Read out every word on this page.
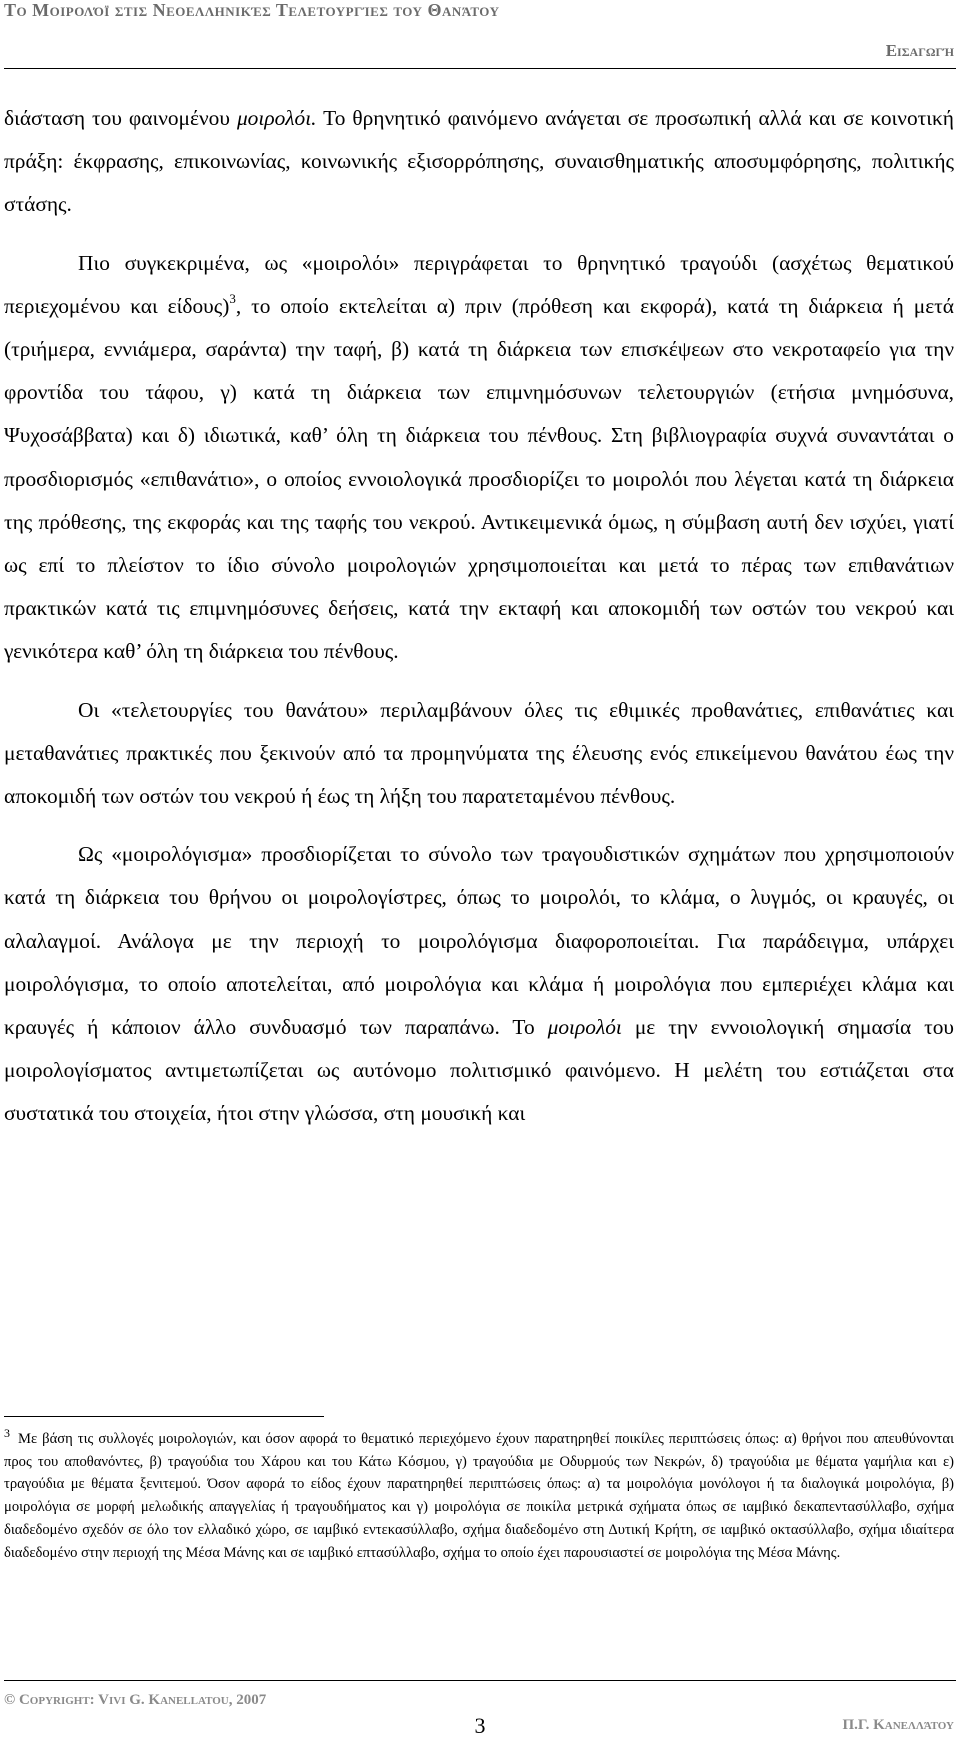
Το Μοιρολόϊ στις Νεοελληνικές Τελετουργίες του Θανάτου
Εισαγωγή

διάσταση του φαινομένου μοιρολόι. Το θρηνητικό φαινόμενο ανάγεται σε προσωπική αλλά και σε κοινοτική πράξη: έκφρασης, επικοινωνίας, κοινωνικής εξισορρόπησης, συναισθηματικής αποσυμφόρησης, πολιτικής στάσης.

Πιο συγκεκριμένα, ως «μοιρολόι» περιγράφεται το θρηνητικό τραγούδι (ασχέτως θεματικού περιεχομένου και είδους)$^3$, το οποίο εκτελείται α) πριν (πρόθεση και εκφορά), κατά τη διάρκεια ή μετά (τριήμερα, εννιάμερα, σαράντα) την ταφή, β) κατά τη διάρκεια των επισκέψεων στο νεκροταφείο για την φροντίδα του τάφου, γ) κατά τη διάρκεια των επιμνημόσυνων τελετουργιών (ετήσια μνημόσυνα, Ψυχοσάββατα) και δ) ιδιωτικά, καθ’ όλη τη διάρκεια του πένθους. Στη βιβλιογραφία συχνά συναντάται ο προσδιορισμός «επιθανάτιο», ο οποίος εννοιολογικά προσδιορίζει το μοιρολόι που λέγεται κατά τη διάρκεια της πρόθεσης, της εκφοράς και της ταφής του νεκρού. Αντικειμενικά όμως, η σύμβαση αυτή δεν ισχύει, γιατί ως επί το πλείστον το ίδιο σύνολο μοιρολογιών χρησιμοποιείται και μετά το πέρας των επιθανάτιων πρακτικών κατά τις επιμνημόσυνες δεήσεις, κατά την εκταφή και αποκομιδή των οστών του νεκρού και γενικότερα καθ’ όλη τη διάρκεια του πένθους.

Οι «τελετουργίες του θανάτου» περιλαμβάνουν όλες τις εθιμικές προθανάτιες, επιθανάτιες και μεταθανάτιες πρακτικές που ξεκινούν από τα προμηνύματα της έλευσης ενός επικείμενου θανάτου έως την αποκομιδή των οστών του νεκρού ή έως τη λήξη του παρατεταμένου πένθους.

Ως «μοιρολόγισμα» προσδιορίζεται το σύνολο των τραγουδιστικών σχημάτων που χρησιμοποιούν κατά τη διάρκεια του θρήνου οι μοιρολογίστρες, όπως το μοιρολόι, το κλάμα, ο λυγμός, οι κραυγές, οι αλαλαγμοί. Ανάλογα με την περιοχή το μοιρολόγισμα διαφοροποιείται. Για παράδειγμα, υπάρχει μοιρολόγισμα, το οποίο αποτελείται, από μοιρολόγια και κλάμα ή μοιρολόγια που εμπεριέχει κλάμα και κραυγές ή κάποιον άλλο συνδυασμό των παραπάνω. Το μοιρολόι με την εννοιολογική σημασία του μοιρολογίσματος αντιμετωπίζεται ως αυτόνομο πολιτισμικό φαινόμενο. Η μελέτη του εστιάζεται στα συστατικά του στοιχεία, ήτοι στην γλώσσα, στη μουσική και

$^3$ Με βάση τις συλλογές μοιρολογιών, και όσον αφορά το θεματικό περιεχόμενο έχουν παρατηρηθεί ποικίλες περιπτώσεις όπως: α) θρήνοι που απευθύνονται προς του αποθανόντες, β) τραγούδια του Χάρου και του Κάτω Κόσμου, γ) τραγούδια με Οδυρμούς των Νεκρών, δ) τραγούδια με θέματα γαμήλια και ε) τραγούδια με θέματα ξενιτεμού. Όσον αφορά το είδος έχουν παρατηρηθεί περιπτώσεις όπως: α) τα μοιρολόγια μονόλογοι ή τα διαλογικά μοιρολόγια, β) μοιρολόγια σε μορφή μελωδικής απαγγελίας ή τραγουδήματος και γ) μοιρολόγια σε ποικίλα μετρικά σχήματα όπως σε ιαμβικό δεκαπεντασύλλαβο, σχήμα διαδεδομένο σχεδόν σε όλο τον ελλαδικό χώρο, σε ιαμβικό εντεκασύλλαβο, σχήμα διαδεδομένο στη Δυτική Κρήτη, σε ιαμβικό οκτασύλλαβο, σχήμα ιδιαίτερα διαδεδομένο στην περιοχή της Μέσα Μάνης και σε ιαμβικό επτασύλλαβο, σχήμα το οποίο έχει παρουσιαστεί σε μοιρολόγια της Μέσα Μάνης.

© Copyright: Vivi G. Kanellatou, 2007
3	Π.Γ. Κανελλάτου
